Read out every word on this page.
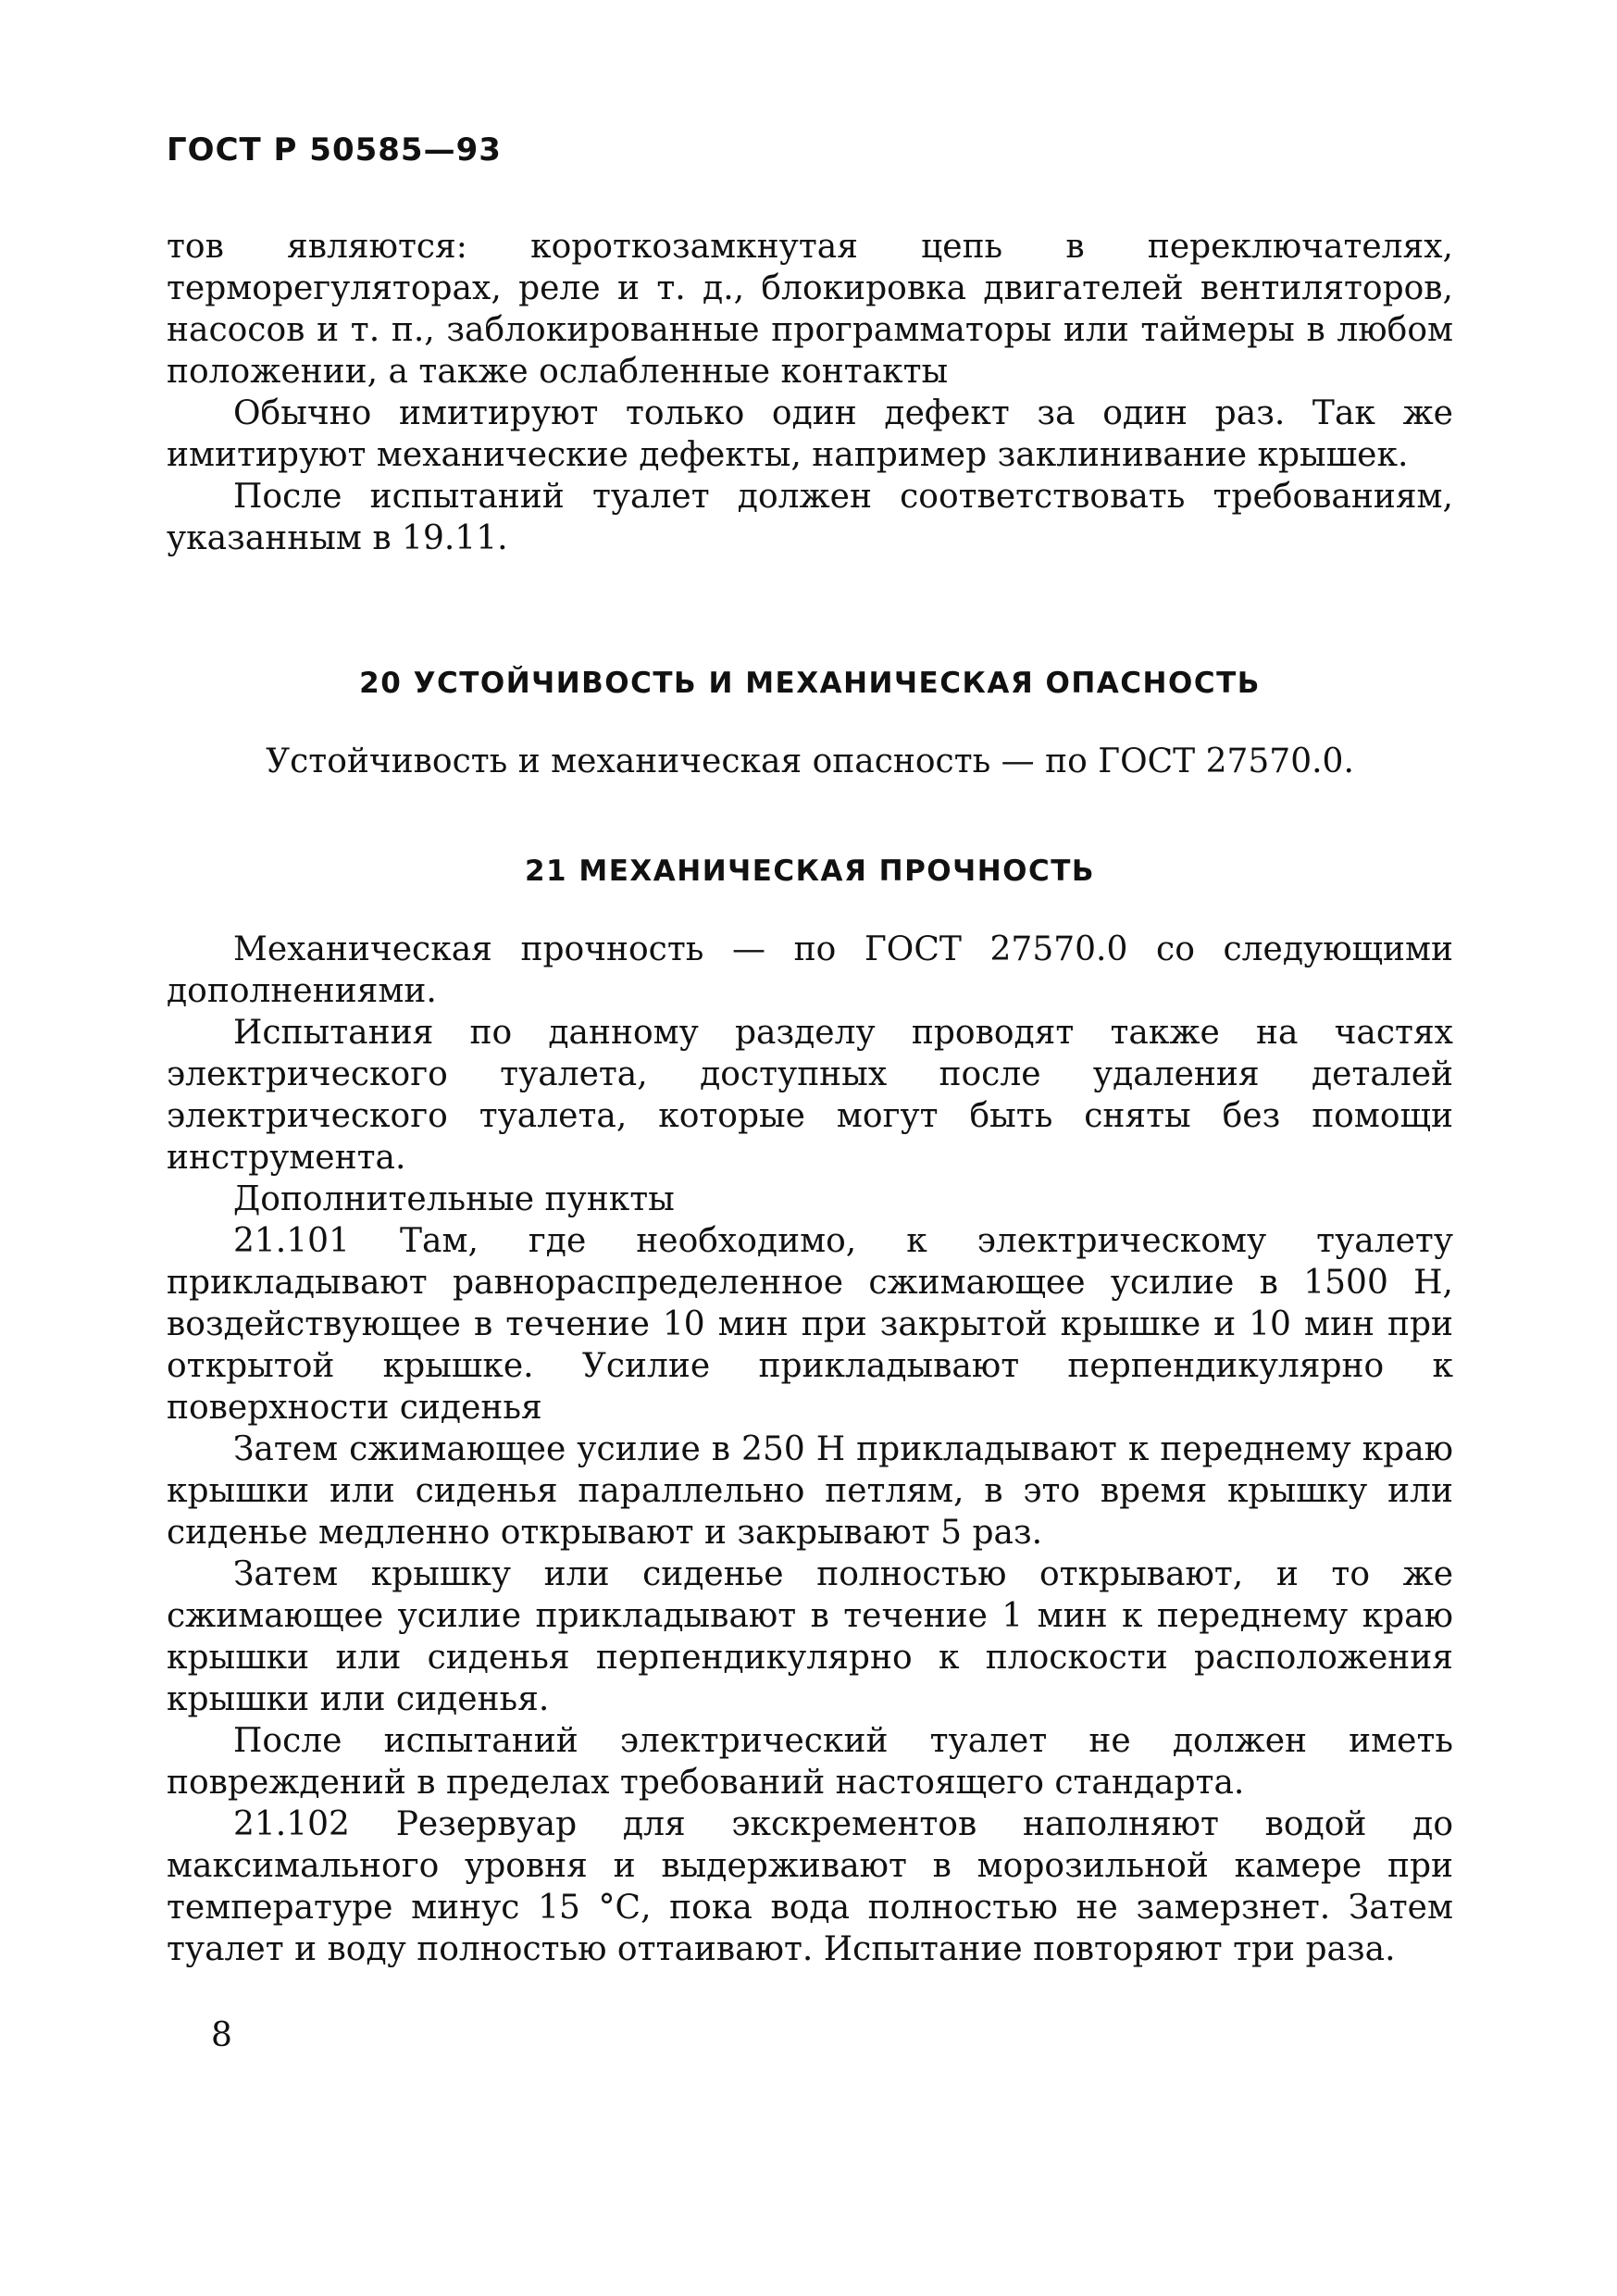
ГОСТ Р 50585—93

тов являются: короткозамкнутая цепь в переключателях, терморегуляторах, реле и т. д., блокировка двигателей вентиляторов, насосов и т. п., заблокированные программаторы или таймеры в любом положении, а также ослабленные контакты

Обычно имитируют только один дефект за один раз. Так же имитируют механические дефекты, например заклинивание крышек.

После испытаний туалет должен соответствовать требованиям, указанным в 19.11.

20 УСТОЙЧИВОСТЬ И МЕХАНИЧЕСКАЯ ОПАСНОСТЬ

Устойчивость и механическая опасность — по ГОСТ 27570.0.

21 МЕХАНИЧЕСКАЯ ПРОЧНОСТЬ

Механическая прочность — по ГОСТ 27570.0 со следующими дополнениями.

Испытания по данному разделу проводят также на частях электрического туалета, доступных после удаления деталей электрического туалета, которые могут быть сняты без помощи инструмента.

Дополнительные пункты

21.101 Там, где необходимо, к электрическому туалету прикладывают равнораспределенное сжимающее усилие в 1500 Н, воздействующее в течение 10 мин при закрытой крышке и 10 мин при открытой крышке. Усилие прикладывают перпендикулярно к поверхности сиденья

Затем сжимающее усилие в 250 Н прикладывают к переднему краю крышки или сиденья параллельно петлям, в это время крышку или сиденье медленно открывают и закрывают 5 раз.

Затем крышку или сиденье полностью открывают, и то же сжимающее усилие прикладывают в течение 1 мин к переднему краю крышки или сиденья перпендикулярно к плоскости расположения крышки или сиденья.

После испытаний электрический туалет не должен иметь повреждений в пределах требований настоящего стандарта.

21.102 Резервуар для экскрементов наполняют водой до максимального уровня и выдерживают в морозильной камере при температуре минус 15 °С, пока вода полностью не замерзнет. Затем туалет и воду полностью оттаивают. Испытание повторяют три раза.

8
